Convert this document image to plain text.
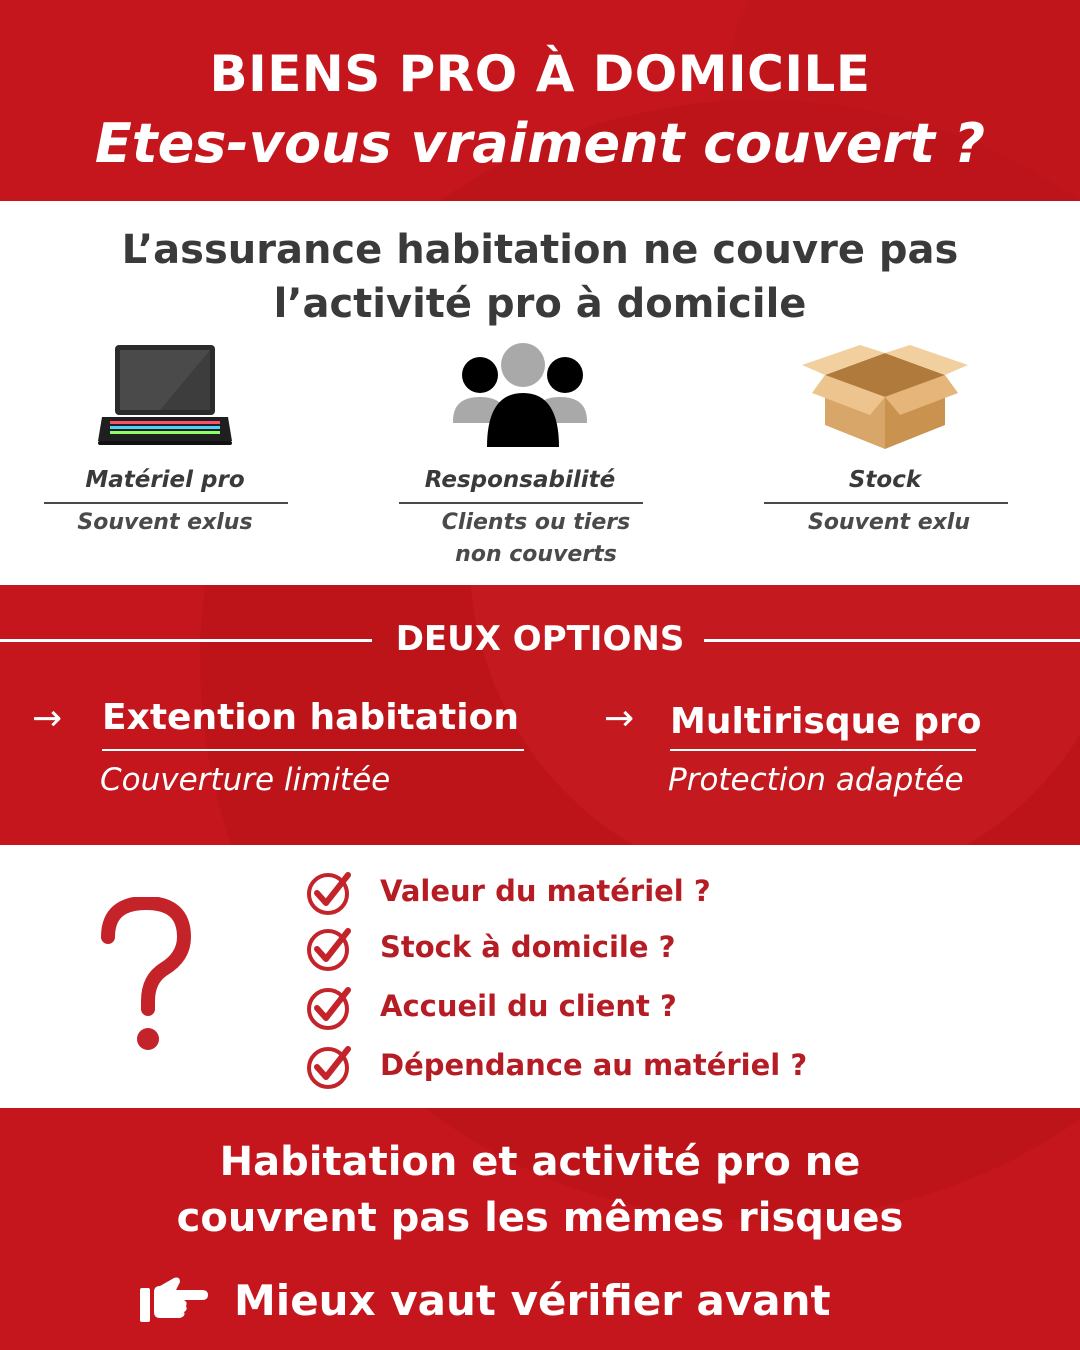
BIENS PRO À DOMICILE
Etes-vous vraiment couvert ?
L’assurance habitation ne couvre pas
l’activité pro à domicile
Matériel pro
Souvent exlus
Responsabilité
Clients ou tiers
non couverts
Stock
Souvent exlu
DEUX OPTIONS
→ Extention habitation
Couverture limitée
→ Multirisque pro
Protection adaptée
Valeur du matériel ?
Stock à domicile ?
Accueil du client ?
Dépendance au matériel ?
Habitation et activité pro ne
couvrent pas les mêmes risques
Mieux vaut vérifier avant
